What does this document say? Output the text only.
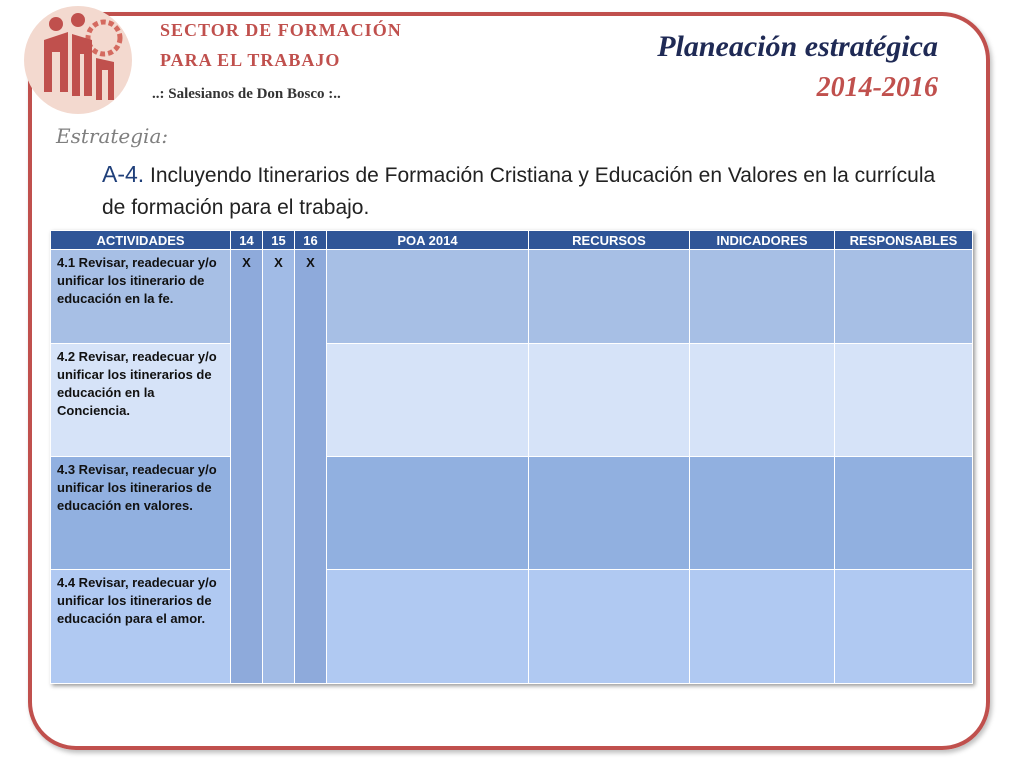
SECTOR DE FORMACIÓN
PARA EL TRABAJO
..: Salesianos de Don Bosco :..
Planeación estratégica
2014-2016
Estrategia:
A-4. Incluyendo Itinerarios de Formación Cristiana y Educación en Valores en la currícula de formación para el trabajo.
ACTIVIDADES	14	15	16	POA 2014	RECURSOS	INDICADORES	RESPONSABLES
4.1 Revisar, readecuar y/o unificar los itinerario de educación en la fe.	X	X	X				
4.2 Revisar, readecuar y/o unificar los itinerarios de educación en la Conciencia.							
4.3 Revisar, readecuar y/o unificar los itinerarios de educación en valores.							
4.4 Revisar, readecuar y/o unificar los itinerarios de educación para el amor.							
